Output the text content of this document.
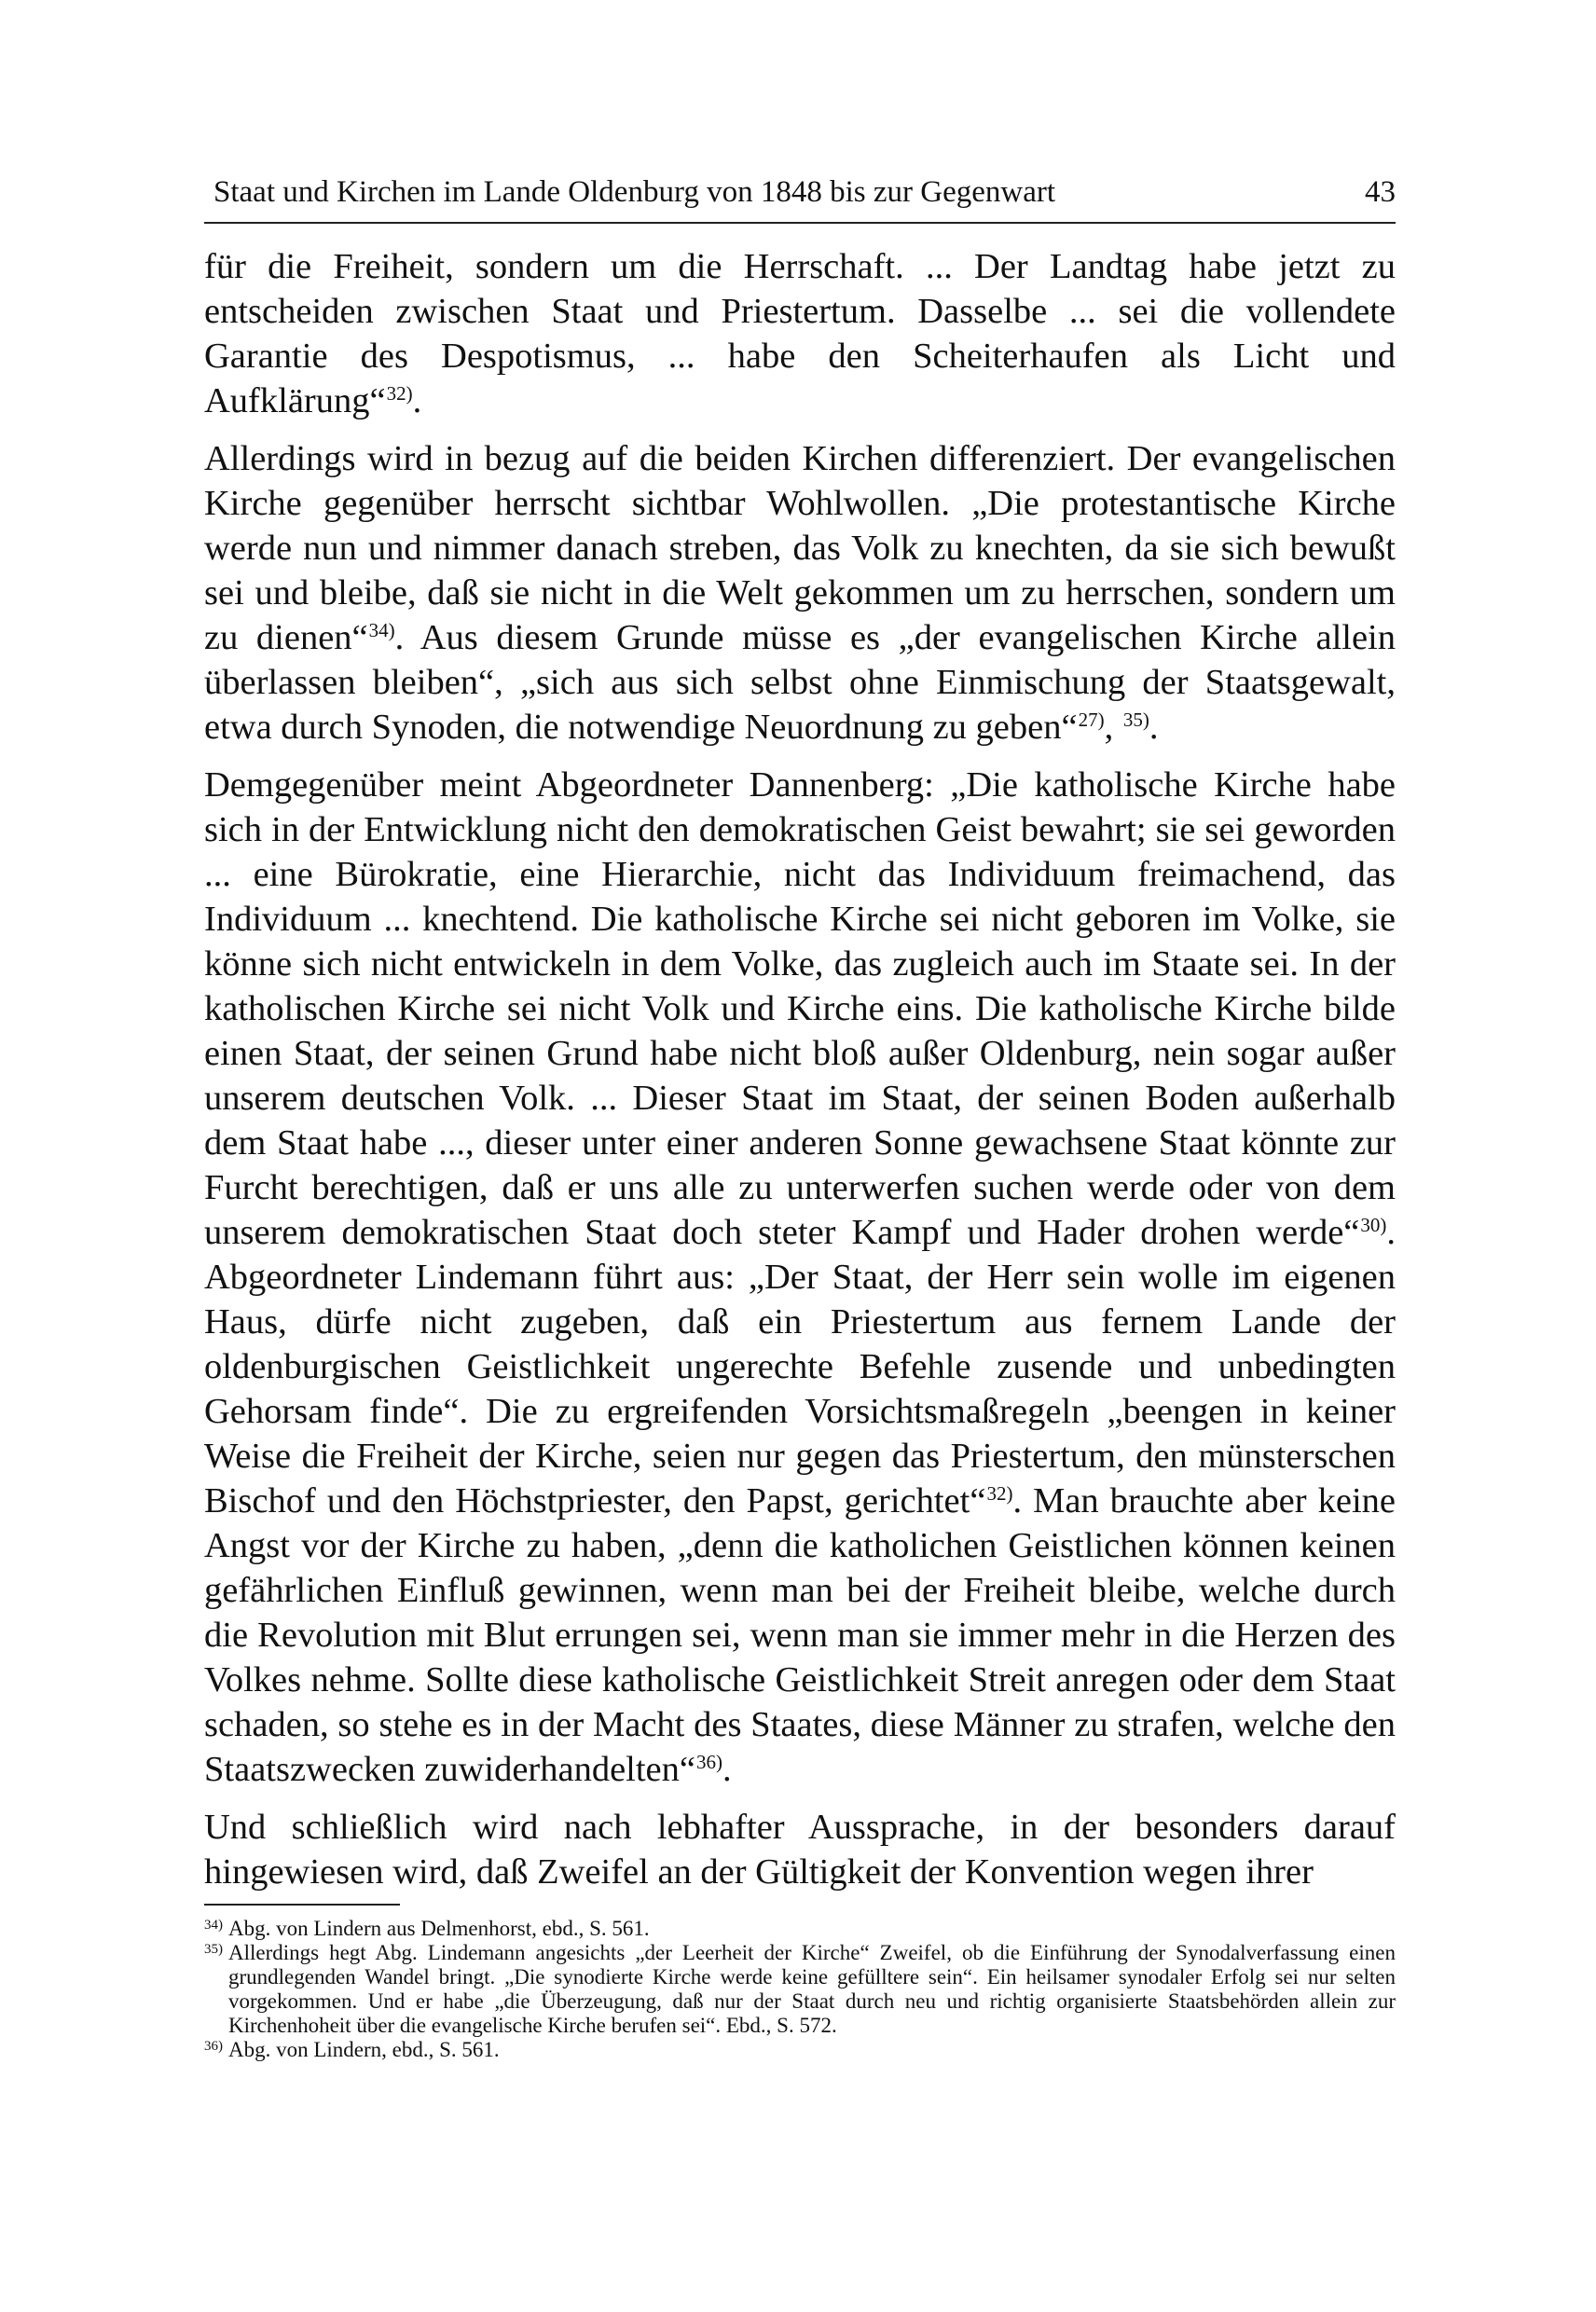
Staat und Kirchen im Lande Oldenburg von 1848 bis zur Gegenwart	43

für die Freiheit, sondern um die Herrschaft. ... Der Landtag habe jetzt zu entscheiden zwischen Staat und Priestertum. Dasselbe ... sei die vollendete Garantie des Despotismus, ... habe den Scheiterhaufen als Licht und Aufklärung“$^{32)}$.

Allerdings wird in bezug auf die beiden Kirchen differenziert. Der evangelischen Kirche gegenüber herrscht sichtbar Wohlwollen. „Die protestantische Kirche werde nun und nimmer danach streben, das Volk zu knechten, da sie sich bewußt sei und bleibe, daß sie nicht in die Welt gekommen um zu herrschen, sondern um zu dienen“$^{34)}$. Aus diesem Grunde müsse es „der evangelischen Kirche allein überlassen bleiben“, „sich aus sich selbst ohne Einmischung der Staatsgewalt, etwa durch Synoden, die notwendige Neuordnung zu geben“$^{27)}$, $^{35)}$.

Demgegenüber meint Abgeordneter Dannenberg: „Die katholische Kirche habe sich in der Entwicklung nicht den demokratischen Geist bewahrt; sie sei geworden ... eine Bürokratie, eine Hierarchie, nicht das Individuum freimachend, das Individuum ... knechtend. Die katholische Kirche sei nicht geboren im Volke, sie könne sich nicht entwickeln in dem Volke, das zugleich auch im Staate sei. In der katholischen Kirche sei nicht Volk und Kirche eins. Die katholische Kirche bilde einen Staat, der seinen Grund habe nicht bloß außer Oldenburg, nein sogar außer unserem deutschen Volk. ... Dieser Staat im Staat, der seinen Boden außerhalb dem Staat habe ..., dieser unter einer anderen Sonne gewachsene Staat könnte zur Furcht berechtigen, daß er uns alle zu unterwerfen suchen werde oder von dem unserem demokratischen Staat doch steter Kampf und Hader drohen werde“$^{30)}$. Abgeordneter Lindemann führt aus: „Der Staat, der Herr sein wolle im eigenen Haus, dürfe nicht zugeben, daß ein Priestertum aus fernem Lande der oldenburgischen Geistlichkeit ungerechte Befehle zusende und unbedingten Gehorsam finde“. Die zu ergreifenden Vorsichtsmaßregeln „beengen in keiner Weise die Freiheit der Kirche, seien nur gegen das Priestertum, den münsterschen Bischof und den Höchstpriester, den Papst, gerichtet“$^{32)}$. Man brauchte aber keine Angst vor der Kirche zu haben, „denn die katholichen Geistlichen können keinen gefährlichen Einfluß gewinnen, wenn man bei der Freiheit bleibe, welche durch die Revolution mit Blut errungen sei, wenn man sie immer mehr in die Herzen des Volkes nehme. Sollte diese katholische Geistlichkeit Streit anregen oder dem Staat schaden, so stehe es in der Macht des Staates, diese Männer zu strafen, welche den Staatszwecken zuwiderhandelten“$^{36)}$.

Und schließlich wird nach lebhafter Aussprache, in der besonders darauf hingewiesen wird, daß Zweifel an der Gültigkeit der Konvention wegen ihrer

34) Abg. von Lindern aus Delmenhorst, ebd., S. 561.
35) Allerdings hegt Abg. Lindemann angesichts „der Leerheit der Kirche“ Zweifel, ob die Einführung der Synodalverfassung einen grundlegenden Wandel bringt. „Die synodierte Kirche werde keine gefülltere sein“. Ein heilsamer synodaler Erfolg sei nur selten vorgekommen. Und er habe „die Überzeugung, daß nur der Staat durch neu und richtig organisierte Staatsbehörden allein zur Kirchenhoheit über die evangelische Kirche berufen sei“. Ebd., S. 572.
36) Abg. von Lindern, ebd., S. 561.
